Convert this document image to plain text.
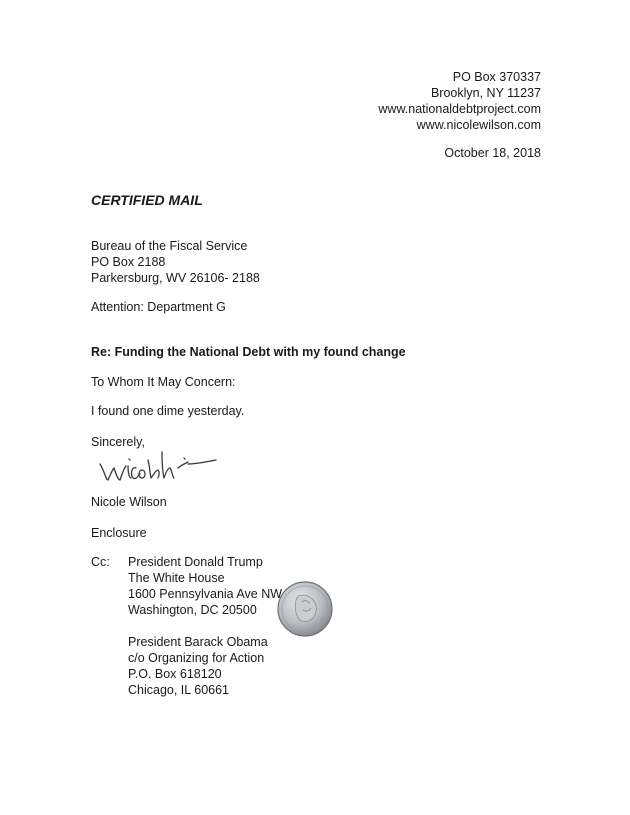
PO Box 370337
Brooklyn, NY 11237
www.nationaldebtproject.com
www.nicolewilson.com
October 18, 2018
CERTIFIED MAIL
Bureau of the Fiscal Service
PO Box 2188
Parkersburg, WV 26106- 2188
Attention: Department G
Re: Funding the National Debt with my found change
To Whom It May Concern:
I found one dime yesterday.
Sincerely,
Nicole Wilson
Enclosure
Cc: President Donald Trump
The White House
1600 Pennsylvania Ave NW
Washington, DC 20500
President Barack Obama
c/o Organizing for Action
P.O. Box 618120
Chicago, IL 60661
